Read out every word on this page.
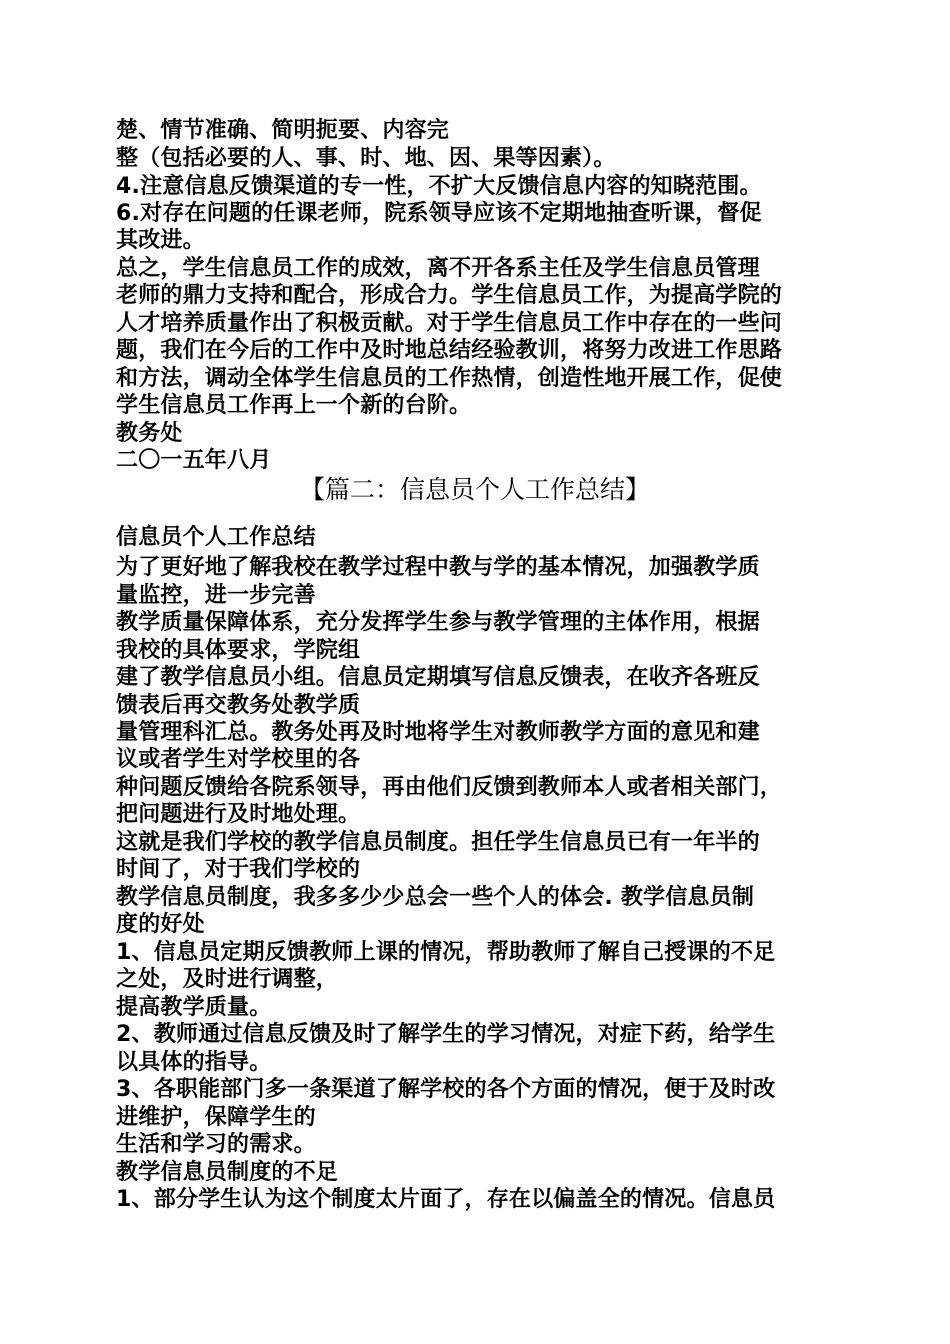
楚、情节准确、简明扼要、内容完
整（包括必要的人、事、时、地、因、果等因素）。
4.注意信息反馈渠道的专一性，不扩大反馈信息内容的知晓范围。
6.对存在问题的任课老师，院系领导应该不定期地抽查听课，督促
其改进。
总之，学生信息员工作的成效，离不开各系主任及学生信息员管理
老师的鼎力支持和配合，形成合力。学生信息员工作，为提高学院的
人才培养质量作出了积极贡献。对于学生信息员工作中存在的一些问
题，我们在今后的工作中及时地总结经验教训，将努力改进工作思路
和方法，调动全体学生信息员的工作热情，创造性地开展工作，促使
学生信息员工作再上一个新的台阶。
教务处
二〇一五年八月
【篇二：信息员个人工作总结】
信息员个人工作总结
为了更好地了解我校在教学过程中教与学的基本情况，加强教学质
量监控，进一步完善
教学质量保障体系，充分发挥学生参与教学管理的主体作用，根据
我校的具体要求，学院组
建了教学信息员小组。信息员定期填写信息反馈表，在收齐各班反
馈表后再交教务处教学质
量管理科汇总。教务处再及时地将学生对教师教学方面的意见和建
议或者学生对学校里的各
种问题反馈给各院系领导，再由他们反馈到教师本人或者相关部门，
把问题进行及时地处理。
这就是我们学校的教学信息员制度。担任学生信息员已有一年半的
时间了，对于我们学校的
教学信息员制度，我多多少少总会一些个人的体会. 教学信息员制
度的好处
1、信息员定期反馈教师上课的情况，帮助教师了解自己授课的不足
之处，及时进行调整，
提高教学质量。
2、教师通过信息反馈及时了解学生的学习情况，对症下药，给学生
以具体的指导。
3、各职能部门多一条渠道了解学校的各个方面的情况，便于及时改
进维护，保障学生的
生活和学习的需求。
教学信息员制度的不足
1、部分学生认为这个制度太片面了，存在以偏盖全的情况。信息员
